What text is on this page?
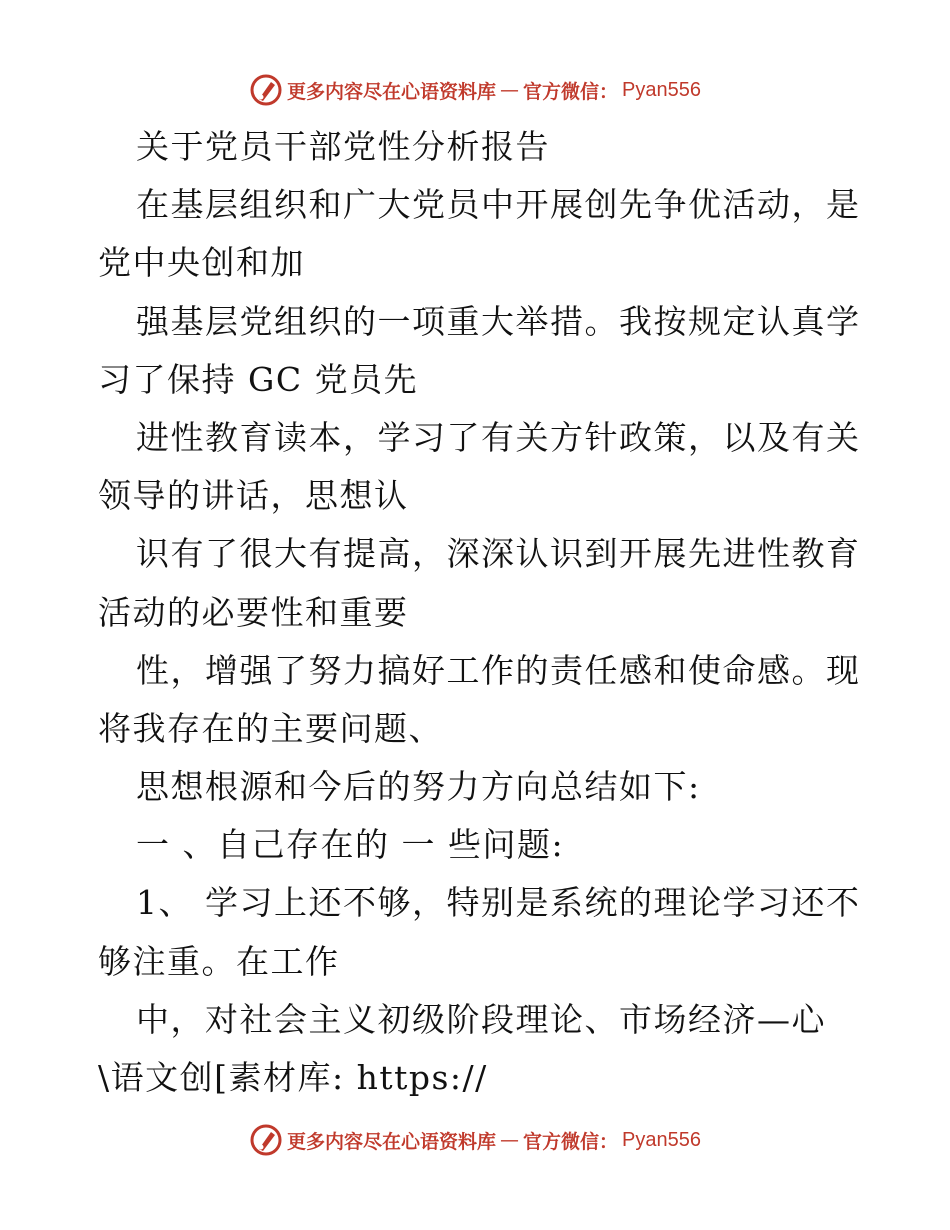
更多内容尽在心语资料库 — 官方微信： Pyan556
关于党员干部党性分析报告
在基层组织和广大党员中开展创先争优活动，是
党中央创和加
强基层党组织的一项重大举措。我按规定认真学
习了保持 GC 党员先
进性教育读本，学习了有关方针政策，以及有关
领导的讲话，思想认
识有了很大有提高，深深认识到开展先进性教育
活动的必要性和重要
性，增强了努力搞好工作的责任感和使命感。现
将我存在的主要问题、
思想根源和今后的努力方向总结如下:
一 、自己存在的 一 些问题:
1、 学习上还不够，特别是系统的理论学习还不
够注重。在工作
中，对社会主义初级阶段理论、市场经济—心
\语文创[素材库: https://
更多内容尽在心语资料库 — 官方微信： Pyan556
